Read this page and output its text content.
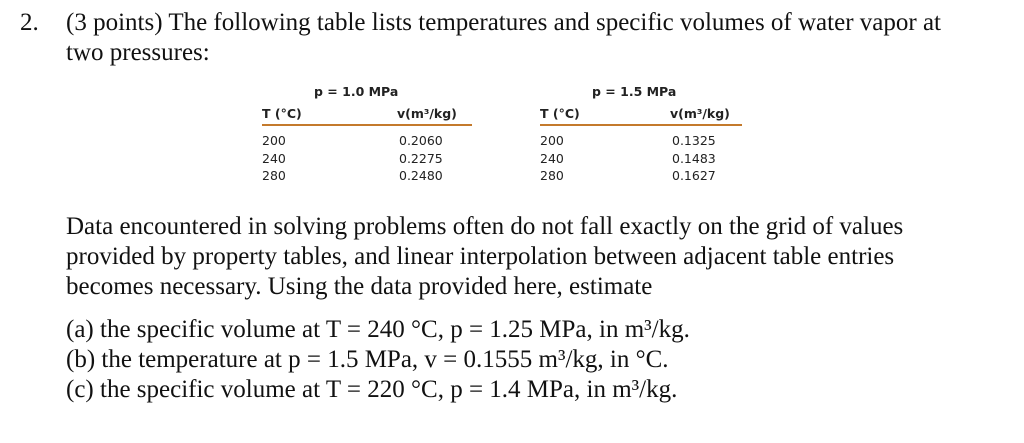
2. (3 points) The following table lists temperatures and specific volumes of water vapor at
two pressures:
p = 1.0 MPa
T (°C)	v(m³/kg)
200
240
280
0.2060
0.2275
0.2480
p = 1.5 MPa
T (°C)	v(m³/kg)
200
240
280
0.1325
0.1483
0.1627
Data encountered in solving problems often do not fall exactly on the grid of values
provided by property tables, and linear interpolation between adjacent table entries
becomes necessary. Using the data provided here, estimate
(a) the specific volume at T = 240 °C, p = 1.25 MPa, in m³/kg.
(b) the temperature at p = 1.5 MPa, v = 0.1555 m³/kg, in °C.
(c) the specific volume at T = 220 °C, p = 1.4 MPa, in m³/kg.
